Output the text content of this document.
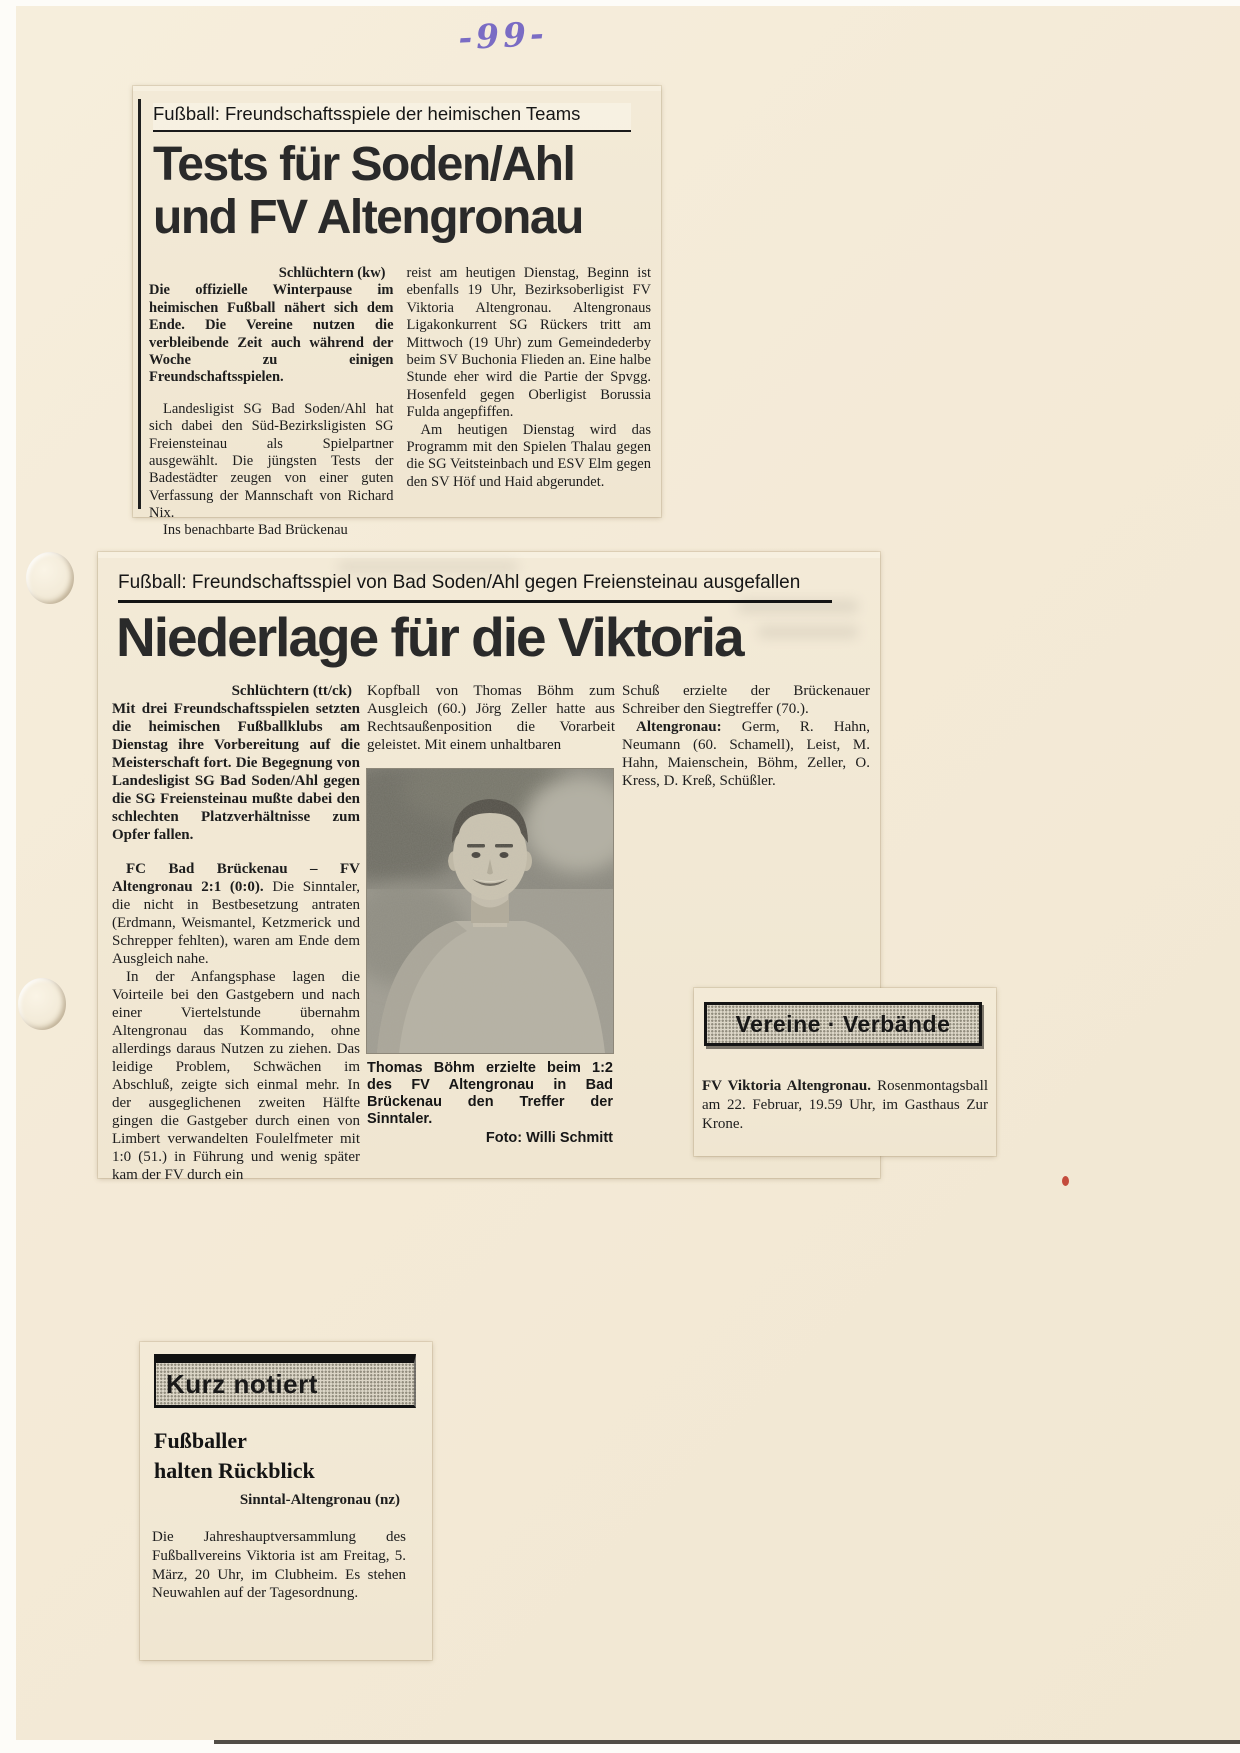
-99-
Fußball: Freundschaftsspiele der heimischen Teams
Tests für Soden/Ahl
und FV Altengronau

Schlüchtern (kw)

Die offizielle Winterpause im heimischen Fußball nähert sich dem Ende. Die Vereine nutzen die verbleibende Zeit auch während der Woche zu einigen Freundschaftsspielen.

Landesligist SG Bad Soden/Ahl hat sich dabei den Süd-Bezirksligisten SG Freiensteinau als Spielpartner ausgewählt. Die jüngsten Tests der Badestädter zeugen von einer guten Verfassung der Mannschaft von Richard Nix.

Ins benachbarte Bad Brückenau

reist am heutigen Dienstag, Beginn ist ebenfalls 19 Uhr, Bezirksoberligist FV Viktoria Altengronau. Altengronaus Ligakonkurrent SG Rückers tritt am Mittwoch (19 Uhr) zum Gemeindederby beim SV Buchonia Flieden an. Eine halbe Stunde eher wird die Partie der Spvgg. Hosenfeld gegen Oberligist Borussia Fulda angepfiffen.

Am heutigen Dienstag wird das Programm mit den Spielen Thalau gegen die SG Veitsteinbach und ESV Elm gegen den SV Höf und Haid abgerundet.

Fußball: Freundschaftsspiel von Bad Soden/Ahl gegen Freiensteinau ausgefallen
Niederlage für die Viktoria

Schlüchtern (tt/ck)

Mit drei Freundschaftsspielen setzten die heimischen Fußballklubs am Dienstag ihre Vorbereitung auf die Meisterschaft fort. Die Begegnung von Landesligist SG Bad Soden/Ahl gegen die SG Freiensteinau mußte dabei den schlechten Platzverhältnisse zum Opfer fallen.

FC Bad Brückenau – FV Altengronau 2:1 (0:0). Die Sinntaler, die nicht in Bestbesetzung antraten (Erdmann, Weismantel, Ketzmerick und Schrepper fehlten), waren am Ende dem Ausgleich nahe.

In der Anfangsphase lagen die Voirteile bei den Gastgebern und nach einer Viertelstunde übernahm Altengronau das Kommando, ohne allerdings daraus Nutzen zu ziehen. Das leidige Problem, Schwächen im Abschluß, zeigte sich einmal mehr. In der ausgeglichenen zweiten Hälfte gingen die Gastgeber durch einen von Limbert verwandelten Foulelfmeter mit 1:0 (51.) in Führung und wenig später kam der FV durch ein

Kopfball von Thomas Böhm zum Ausgleich (60.) Jörg Zeller hatte aus Rechtsaußenposition die Vorarbeit geleistet. Mit einem unhaltbaren

Thomas Böhm erzielte beim 1:2 des FV Altengronau in Bad Brückenau den Treffer der Sinntaler.
Foto: Willi Schmitt

Schuß erzielte der Brückenauer Schreiber den Siegtreffer (70.).

Altengronau: Germ, R. Hahn, Neumann (60. Schamell), Leist, M. Hahn, Maienschein, Böhm, Zeller, O. Kress, D. Kreß, Schüßler.

Vereine · Verbände

FV Viktoria Altengronau. Rosenmontagsball am 22. Februar, 19.59 Uhr, im Gasthaus Zur Krone.

Kurz notiert
Fußballer
halten Rückblick
Sinntal-Altengronau (nz)

Die Jahreshauptversammlung des Fußballvereins Viktoria ist am Freitag, 5. März, 20 Uhr, im Clubheim. Es stehen Neuwahlen auf der Tagesordnung.
